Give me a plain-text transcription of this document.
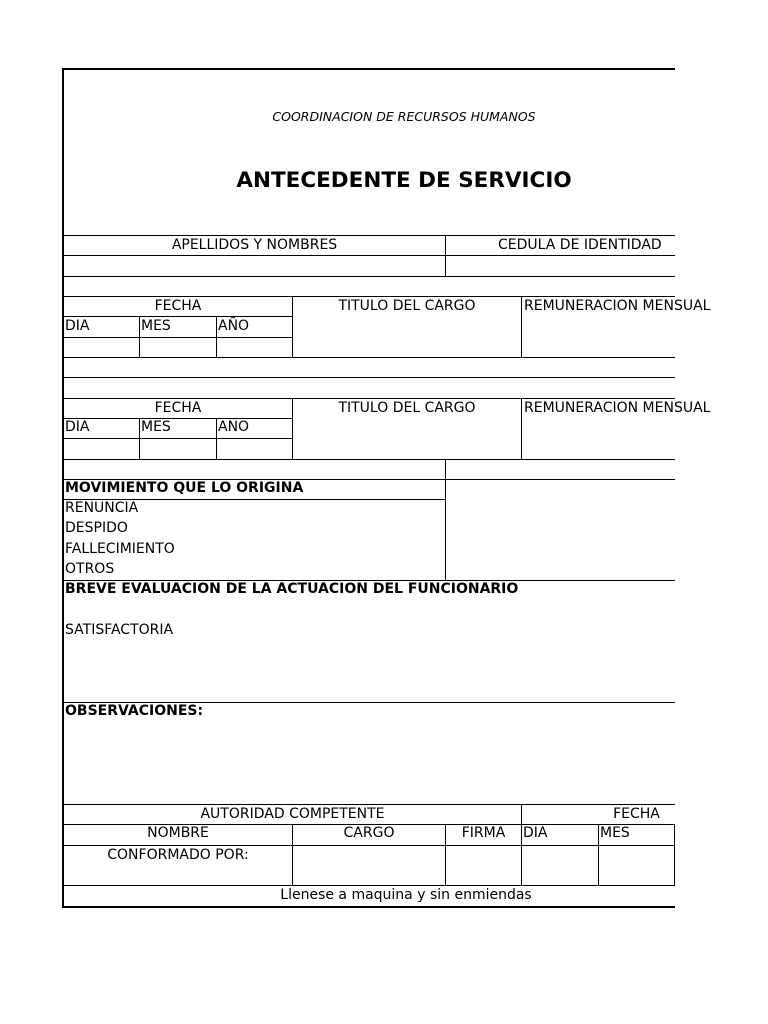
COORDINACION DE RECURSOS HUMANOS
ANTECEDENTE DE SERVICIO
APELLIDOS Y NOMBRES	CEDULA DE IDENTIDAD
FECHA	TITULO DEL CARGO	REMUNERACION MENSUAL
DIA	MES	AÑO
FECHA	TITULO DEL CARGO	REMUNERACION MENSUAL
DIA	MES	AÑO
MOVIMIENTO QUE LO ORIGINA
RENUNCIA
DESPIDO
FALLECIMIENTO
OTROS
BREVE EVALUACION DE LA ACTUACION DEL FUNCIONARIO
SATISFACTORIA
OBSERVACIONES:
AUTORIDAD COMPETENTE	FECHA
NOMBRE	CARGO	FIRMA	DIA	MES
CONFORMADO POR:
Llenese a maquina y sin enmiendas
